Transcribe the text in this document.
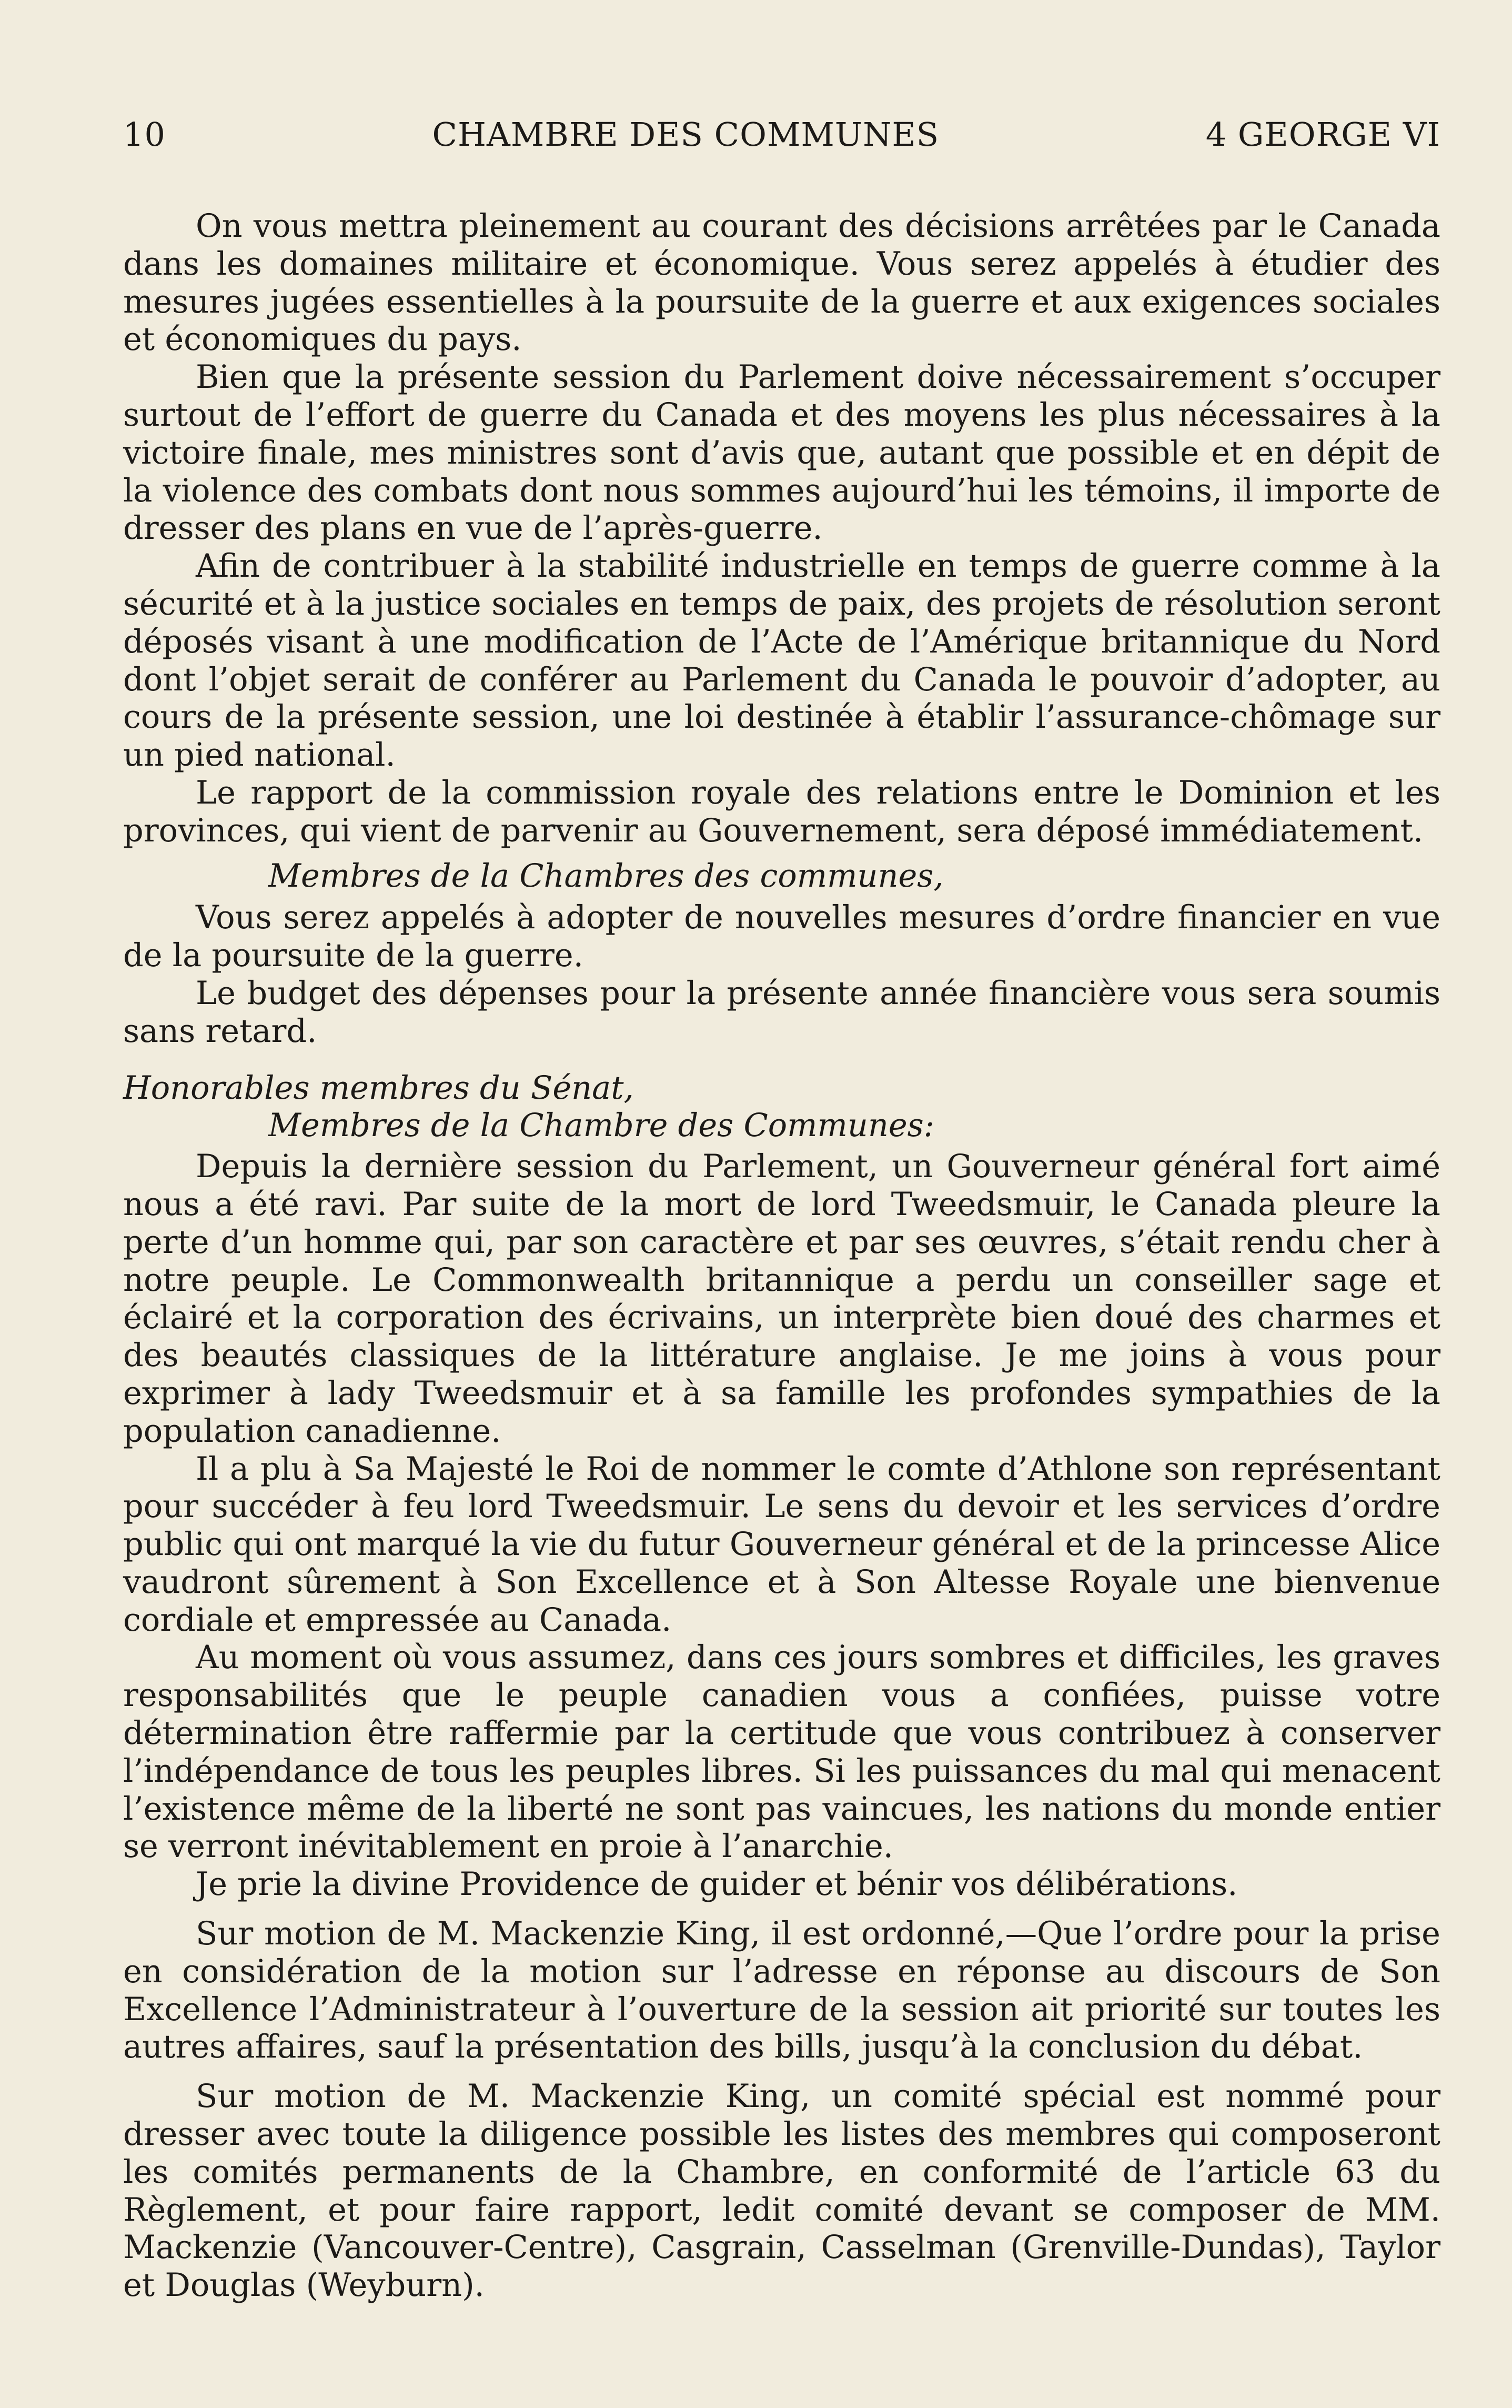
10	CHAMBRE DES COMMUNES	4 GEORGE VI

On vous mettra pleinement au courant des décisions arrêtées par le Canada dans les domaines militaire et économique. Vous serez appelés à étudier des mesures jugées essentielles à la poursuite de la guerre et aux exigences sociales et économiques du pays.

Bien que la présente session du Parlement doive nécessairement s’occuper surtout de l’effort de guerre du Canada et des moyens les plus nécessaires à la victoire finale, mes ministres sont d’avis que, autant que possible et en dépit de la violence des combats dont nous sommes aujourd’hui les témoins, il importe de dresser des plans en vue de l’après-guerre.

Afin de contribuer à la stabilité industrielle en temps de guerre comme à la sécurité et à la justice sociales en temps de paix, des projets de résolution seront déposés visant à une modification de l’Acte de l’Amérique britannique du Nord dont l’objet serait de conférer au Parlement du Canada le pouvoir d’adopter, au cours de la présente session, une loi destinée à établir l’assurance-chômage sur un pied national.

Le rapport de la commission royale des relations entre le Dominion et les provinces, qui vient de parvenir au Gouvernement, sera déposé immédiatement.

Membres de la Chambres des communes,

Vous serez appelés à adopter de nouvelles mesures d’ordre financier en vue de la poursuite de la guerre.

Le budget des dépenses pour la présente année financière vous sera soumis sans retard.

Honorables membres du Sénat,

Membres de la Chambre des Communes:

Depuis la dernière session du Parlement, un Gouverneur général fort aimé nous a été ravi. Par suite de la mort de lord Tweedsmuir, le Canada pleure la perte d’un homme qui, par son caractère et par ses œuvres, s’était rendu cher à notre peuple. Le Commonwealth britannique a perdu un conseiller sage et éclairé et la corporation des écrivains, un interprète bien doué des charmes et des beautés classiques de la littérature anglaise. Je me joins à vous pour exprimer à lady Tweedsmuir et à sa famille les profondes sympathies de la population canadienne.

Il a plu à Sa Majesté le Roi de nommer le comte d’Athlone son représentant pour succéder à feu lord Tweedsmuir. Le sens du devoir et les services d’ordre public qui ont marqué la vie du futur Gouverneur général et de la princesse Alice vaudront sûrement à Son Excellence et à Son Altesse Royale une bienvenue cordiale et empressée au Canada.

Au moment où vous assumez, dans ces jours sombres et difficiles, les graves responsabilités que le peuple canadien vous a confiées, puisse votre détermination être raffermie par la certitude que vous contribuez à conserver l’indépendance de tous les peuples libres. Si les puissances du mal qui menacent l’existence même de la liberté ne sont pas vaincues, les nations du monde entier se verront inévitablement en proie à l’anarchie.

Je prie la divine Providence de guider et bénir vos délibérations.

Sur motion de M. Mackenzie King, il est ordonné,—Que l’ordre pour la prise en considération de la motion sur l’adresse en réponse au discours de Son Excellence l’Administrateur à l’ouverture de la session ait priorité sur toutes les autres affaires, sauf la présentation des bills, jusqu’à la conclusion du débat.

Sur motion de M. Mackenzie King, un comité spécial est nommé pour dresser avec toute la diligence possible les listes des membres qui composeront les comités permanents de la Chambre, en conformité de l’article 63 du Règlement, et pour faire rapport, ledit comité devant se composer de MM. Mackenzie (Vancouver-Centre), Casgrain, Casselman (Grenville-Dundas), Taylor et Douglas (Weyburn).
